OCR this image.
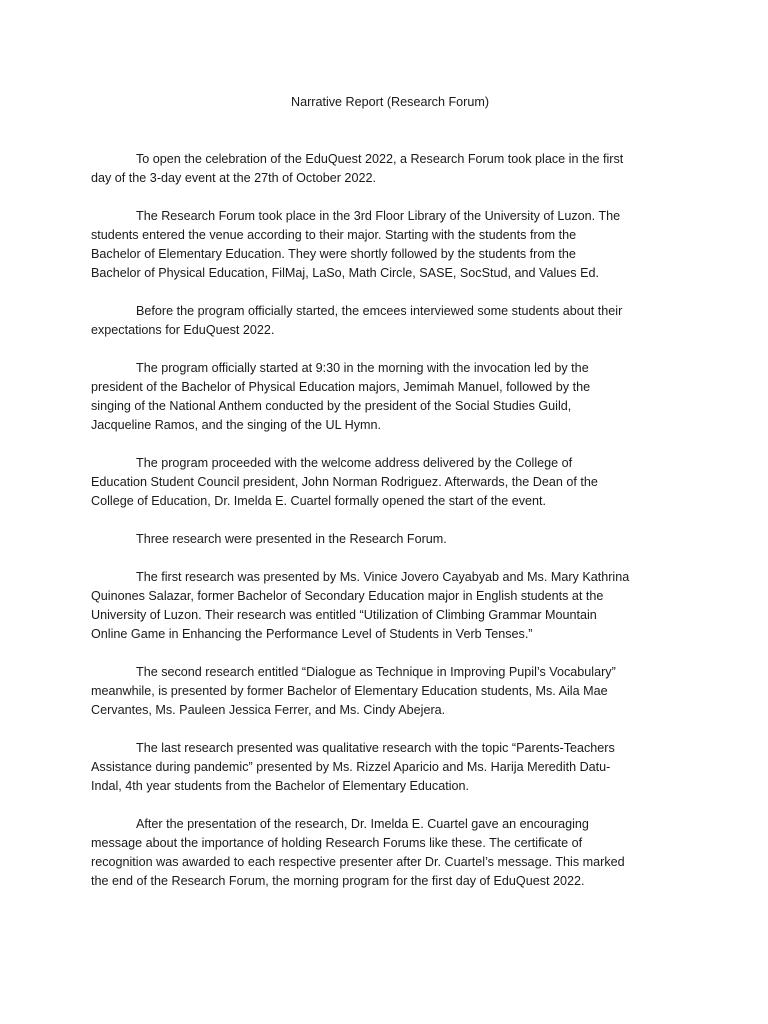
Narrative Report (Research Forum)
To open the celebration of the EduQuest 2022, a Research Forum took place in the first
day of the 3-day event at the 27th of October 2022.
The Research Forum took place in the 3rd Floor Library of the University of Luzon. The
students entered the venue according to their major. Starting with the students from the
Bachelor of Elementary Education. They were shortly followed by the students from the
Bachelor of Physical Education, FilMaj, LaSo, Math Circle, SASE, SocStud, and Values Ed.
Before the program officially started, the emcees interviewed some students about their
expectations for EduQuest 2022.
The program officially started at 9:30 in the morning with the invocation led by the
president of the Bachelor of Physical Education majors, Jemimah Manuel, followed by the
singing of the National Anthem conducted by the president of the Social Studies Guild,
Jacqueline Ramos, and the singing of the UL Hymn.
The program proceeded with the welcome address delivered by the College of
Education Student Council president, John Norman Rodriguez. Afterwards, the Dean of the
College of Education, Dr. Imelda E. Cuartel formally opened the start of the event.
Three research were presented in the Research Forum.
The first research was presented by Ms. Vinice Jovero Cayabyab and Ms. Mary Kathrina
Quinones Salazar, former Bachelor of Secondary Education major in English students at the
University of Luzon. Their research was entitled “Utilization of Climbing Grammar Mountain
Online Game in Enhancing the Performance Level of Students in Verb Tenses.”
The second research entitled “Dialogue as Technique in Improving Pupil’s Vocabulary”
meanwhile, is presented by former Bachelor of Elementary Education students, Ms. Aila Mae
Cervantes, Ms. Pauleen Jessica Ferrer, and Ms. Cindy Abejera.
The last research presented was qualitative research with the topic “Parents-Teachers
Assistance during pandemic” presented by Ms. Rizzel Aparicio and Ms. Harija Meredith Datu-
Indal, 4th year students from the Bachelor of Elementary Education.
After the presentation of the research, Dr. Imelda E. Cuartel gave an encouraging
message about the importance of holding Research Forums like these. The certificate of
recognition was awarded to each respective presenter after Dr. Cuartel’s message. This marked
the end of the Research Forum, the morning program for the first day of EduQuest 2022.
